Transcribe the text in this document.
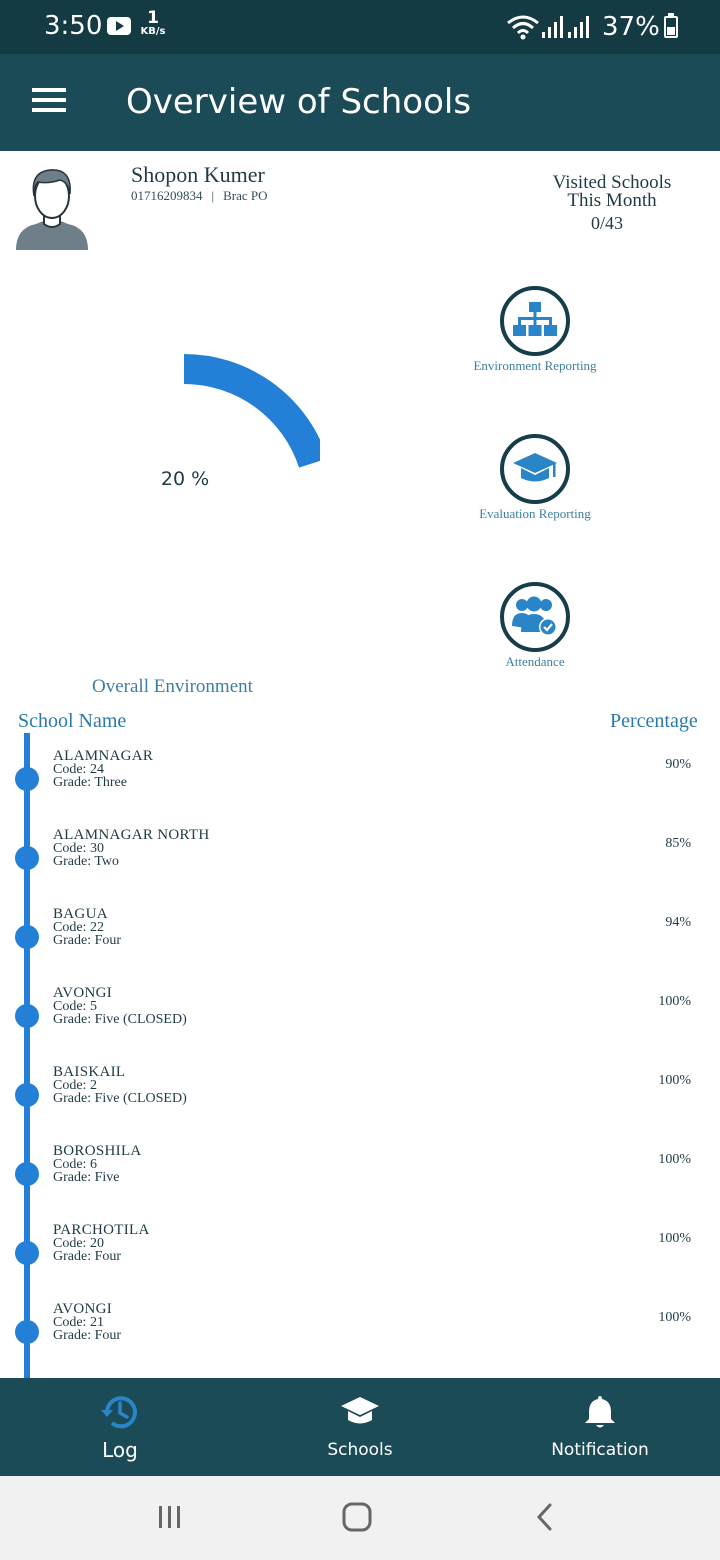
3:50	1
KB/s	37%
Overview of Schools
Shopon Kumer
01716209834 | Brac PO
Visited Schools
This Month
0/43
20 %
Environment Reporting
Evaluation Reporting
Attendance
Overall Environment
School Name	Percentage
ALAMNAGAR
Code: 24
Grade: Three
90%
ALAMNAGAR NORTH
Code: 30
Grade: Two
85%
BAGUA
Code: 22
Grade: Four
94%
AVONGI
Code: 5
Grade: Five (CLOSED)
100%
BAISKAIL
Code: 2
Grade: Five (CLOSED)
100%
BOROSHILA
Code: 6
Grade: Five
100%
PARCHOTILA
Code: 20
Grade: Four
100%
AVONGI
Code: 21
Grade: Four
100%
Log	Schools	Notification
